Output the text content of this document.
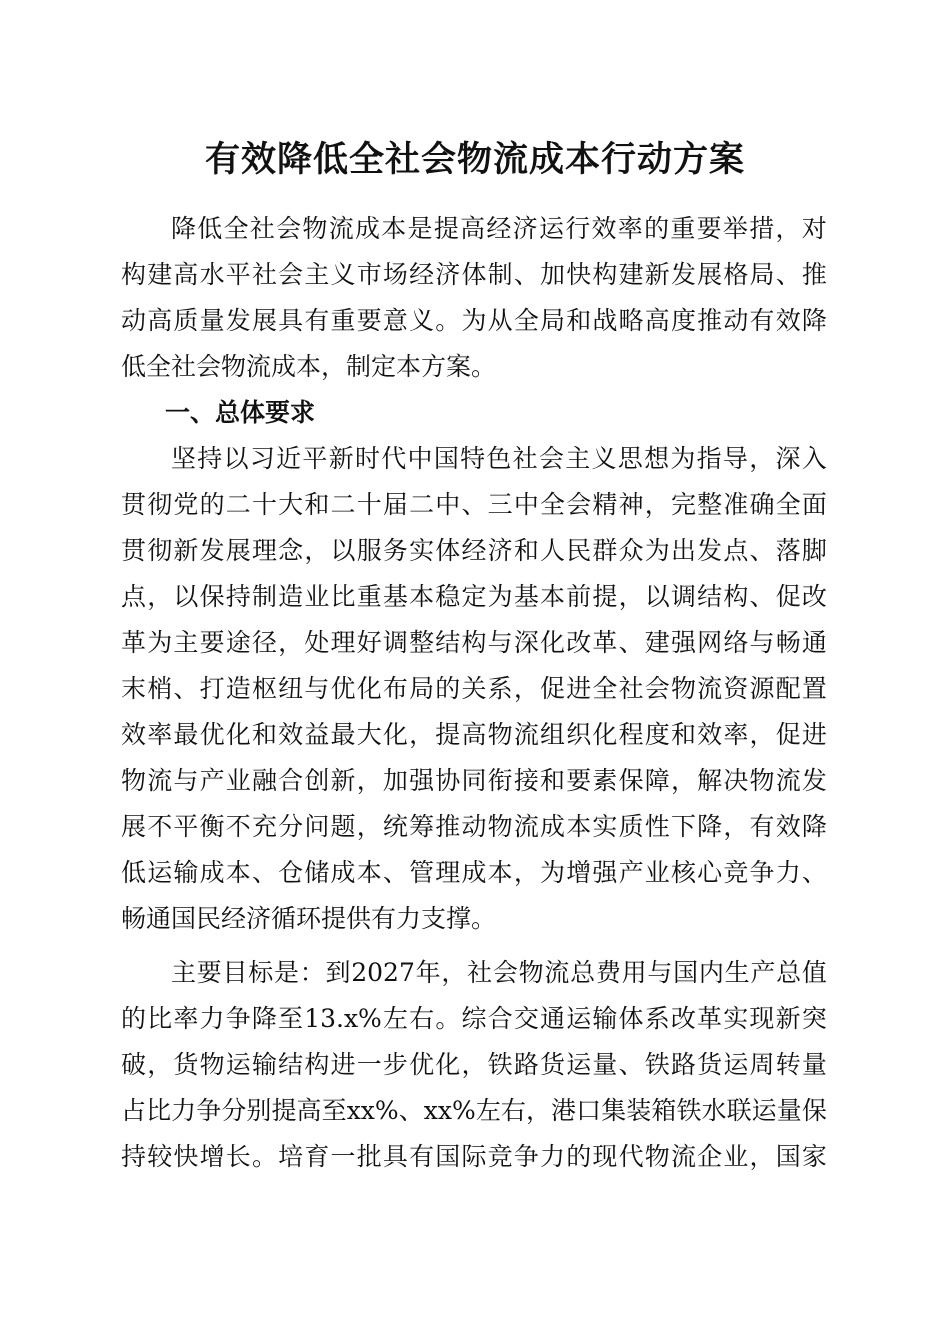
有效降低全社会物流成本行动方案
降 低 全 社 会 物 流 成 本 是 提 高 经 济 运 行 效 率 的 重 要 举 措 ， 对
构 建 高 水 平 社 会 主 义 市 场 经 济 体 制 、 加 快 构 建 新 发 展 格 局 、 推
动 高 质 量 发 展 具 有 重 要 意 义 。 为 从 全 局 和 战 略 高 度 推 动 有 效 降
低全社会物流成本，制定本方案。
一、总体要求
坚 持 以 习 近 平 新 时 代 中 国 特 色 社 会 主 义 思 想 为 指 导 ， 深 入
贯 彻 党 的 二 十 大 和 二 十 届 二 中 、 三 中 全 会 精 神 ， 完 整 准 确 全 面
贯 彻 新 发 展 理 念 ， 以 服 务 实 体 经 济 和 人 民 群 众 为 出 发 点 、 落 脚
点 ， 以 保 持 制 造 业 比 重 基 本 稳 定 为 基 本 前 提 ， 以 调 结 构 、 促 改
革 为 主 要 途 径 ， 处 理 好 调 整 结 构 与 深 化 改 革 、 建 强 网 络 与 畅 通
末 梢 、 打 造 枢 纽 与 优 化 布 局 的 关 系 ， 促 进 全 社 会 物 流 资 源 配 置
效 率 最 优 化 和 效 益 最 大 化 ， 提 高 物 流 组 织 化 程 度 和 效 率 ， 促 进
物 流 与 产 业 融 合 创 新 ， 加 强 协 同 衔 接 和 要 素 保 障 ， 解 决 物 流 发
展 不 平 衡 不 充 分 问 题 ， 统 筹 推 动 物 流 成 本 实 质 性 下 降 ， 有 效 降
低 运 输 成 本 、 仓 储 成 本 、 管 理 成 本 ， 为 增 强 产 业 核 心 竞 争 力 、
畅通国民经济循环提供有力支撑。
主 要 目 标 是 ： 到 2027 年 ， 社 会 物 流 总 费 用 与 国 内 生 产 总 值
的 比 率 力 争 降 至 13.x% 左 右 。 综 合 交 通 运 输 体 系 改 革 实 现 新 突
破 ， 货 物 运 输 结 构 进 一 步 优 化 ， 铁 路 货 运 量 、 铁 路 货 运 周 转 量
占 比 力 争 分 别 提 高 至 xx% 、 xx% 左 右 ， 港 口 集 装 箱 铁 水 联 运 量 保
持 较 快 增 长 。 培 育 一 批 具 有 国 际 竞 争 力 的 现 代 物 流 企 业 ， 国 家
